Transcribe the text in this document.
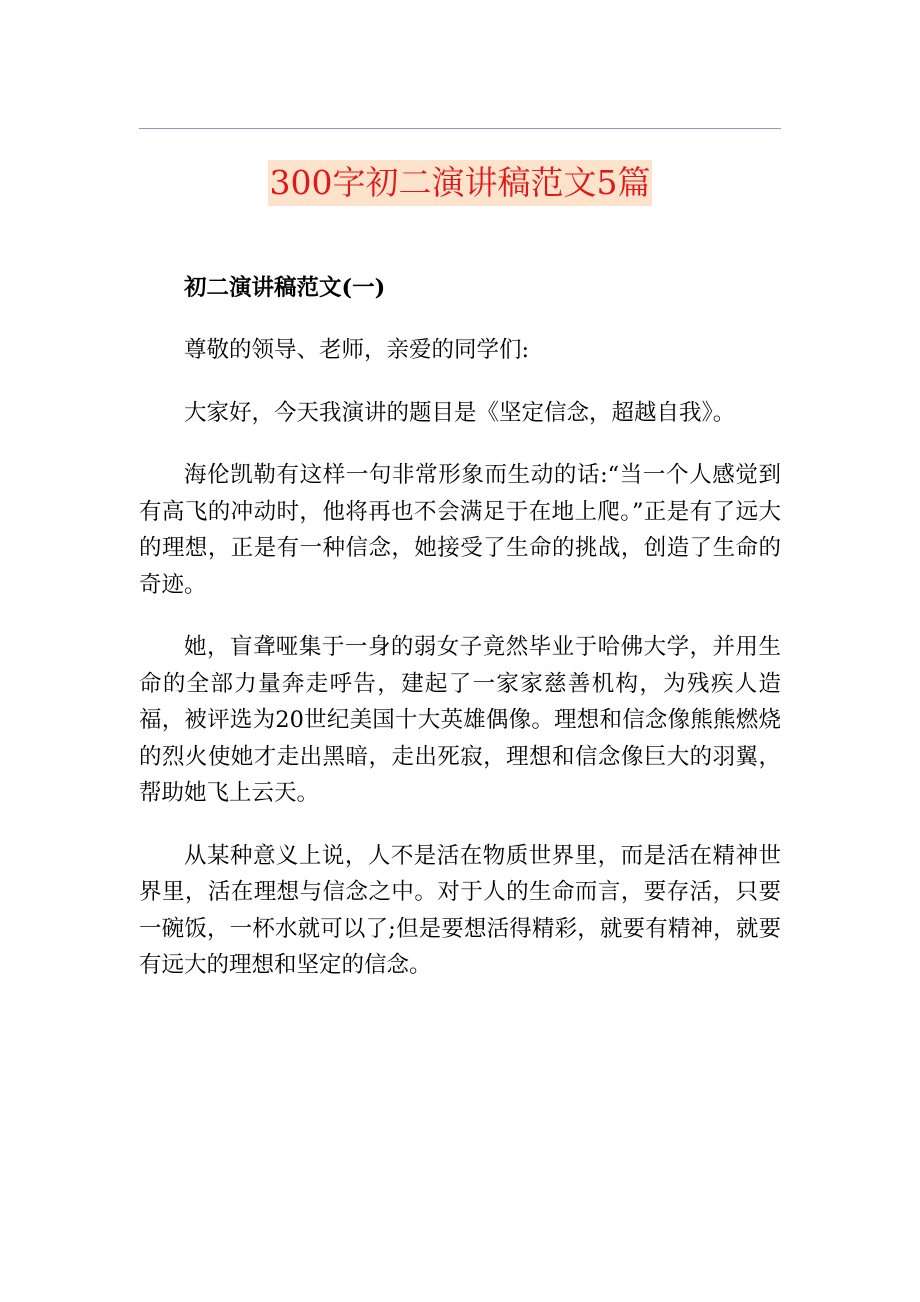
300字初二演讲稿范文5篇

初二演讲稿范文(一)

尊敬的领导、老师，亲爱的同学们:

大家好，今天我演讲的题目是《坚定信念，超越自我》。

海伦凯勒有这样一句非常形象而生动的话:“当一个人感觉到有高飞的冲动时，他将再也不会满足于在地上爬。”正是有了远大的理想，正是有一种信念，她接受了生命的挑战，创造了生命的奇迹。

她，盲聋哑集于一身的弱女子竟然毕业于哈佛大学，并用生命的全部力量奔走呼告，建起了一家家慈善机构，为残疾人造福，被评选为20世纪美国十大英雄偶像。理想和信念像熊熊燃烧的烈火使她才走出黑暗，走出死寂，理想和信念像巨大的羽翼，帮助她飞上云天。

从某种意义上说，人不是活在物质世界里，而是活在精神世界里，活在理想与信念之中。对于人的生命而言，要存活，只要一碗饭，一杯水就可以了;但是要想活得精彩，就要有精神，就要有远大的理想和坚定的信念。
